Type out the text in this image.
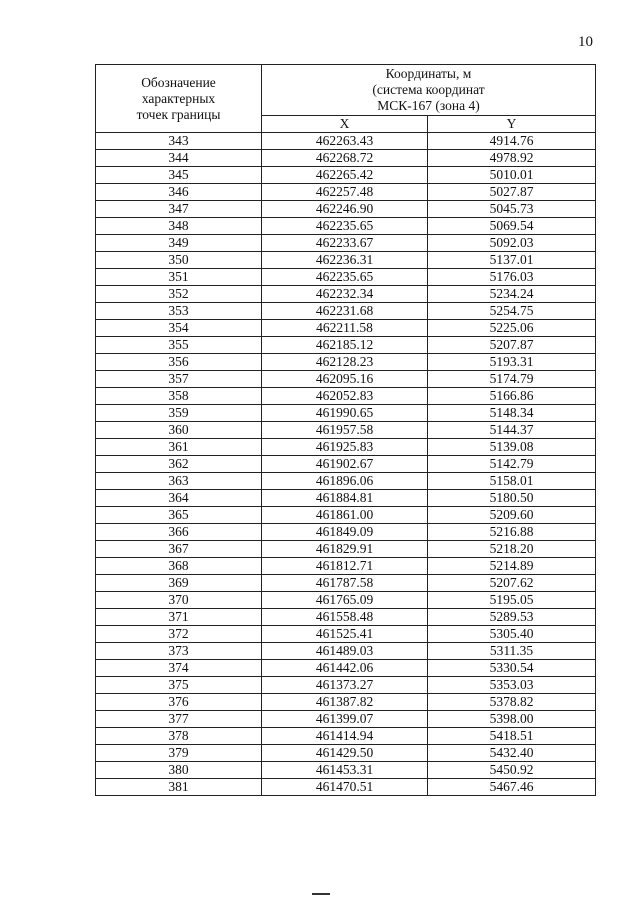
10
Обозначение
характерных
точек границы	Координаты, м
(система координат
МСК-167 (зона 4)	

	X	Y
343	462263.43	4914.76
344	462268.72	4978.92
345	462265.42	5010.01
346	462257.48	5027.87
347	462246.90	5045.73
348	462235.65	5069.54
349	462233.67	5092.03
350	462236.31	5137.01
351	462235.65	5176.03
352	462232.34	5234.24
353	462231.68	5254.75
354	462211.58	5225.06
355	462185.12	5207.87
356	462128.23	5193.31
357	462095.16	5174.79
358	462052.83	5166.86
359	461990.65	5148.34
360	461957.58	5144.37
361	461925.83	5139.08
362	461902.67	5142.79
363	461896.06	5158.01
364	461884.81	5180.50
365	461861.00	5209.60
366	461849.09	5216.88
367	461829.91	5218.20
368	461812.71	5214.89
369	461787.58	5207.62
370	461765.09	5195.05
371	461558.48	5289.53
372	461525.41	5305.40
373	461489.03	5311.35
374	461442.06	5330.54
375	461373.27	5353.03
376	461387.82	5378.82
377	461399.07	5398.00
378	461414.94	5418.51
379	461429.50	5432.40
380	461453.31	5450.92
381	461470.51	5467.46
